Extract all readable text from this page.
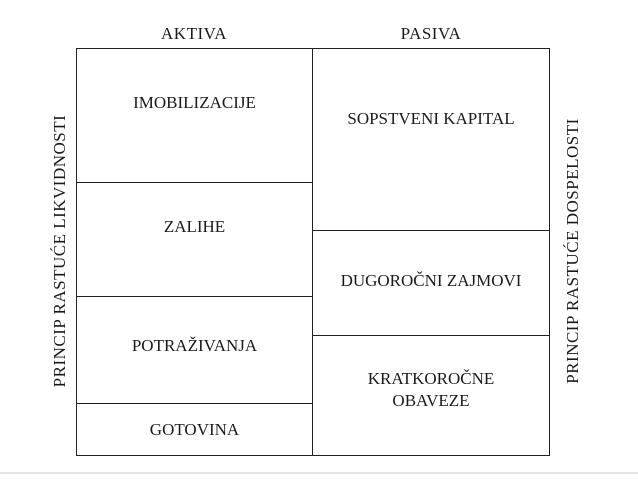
AKTIVA	PASIVA
PRINCIP RASTUĆE LIKVIDNOSTI	PRINCIP RASTUĆE DOSPELOSTI
IMOBILIZACIJE
ZALIHE
POTRAŽIVANJA
GOTOVINA
SOPSTVENI KAPITAL
DUGOROČNI ZAJMOVI
KRATKOROČNE
OBAVEZE
